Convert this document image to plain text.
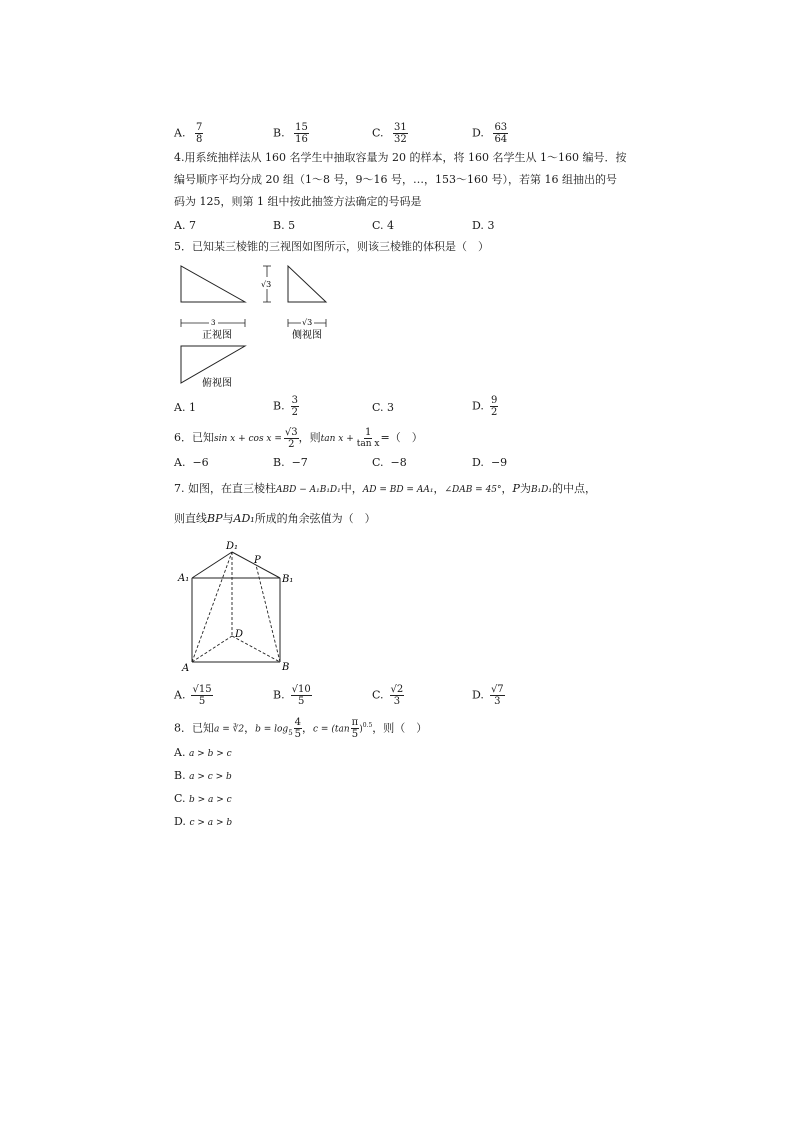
A. $\frac{7}{8}$	B. $\frac{15}{16}$	C. $\frac{31}{32}$	D. $\frac{63}{64}$
4.用系统抽样法从 160 名学生中抽取容量为 20 的样本，将 160 名学生从 1～160 编号．按
编号顺序平均分成 20 组（1～8 号，9～16 号，…，153～160 号），若第 16 组抽出的号
码为 125，则第 1 组中按此抽签方法确定的号码是
A. 7	B. 5	C. 4	D. 3
5．已知某三棱锥的三视图如图所示，则该三棱锥的体积是（　）
√3
3	√3
正视图	侧视图
俯视图
A. 1	B. $\frac{3}{2}$	C. 3	D. $\frac{9}{2}$
6．已知$\sin x + \cos x = \frac{√3}{2}$ ，则$\tan x + \frac{1}{\text{tan x}}$ =（　）
A. −6	B. −7	C. −8	D. −9
7. 如图，在直三棱柱ABD − A₁B₁D₁中，AD = BD = AA₁，∠DAB = 45°，P为B₁D₁的中点，
则直线BP与AD₁所成的角余弦值为（　）
D₁
P
A₁	B₁
D
A	B
A. $\frac{√15}{5}$	B. $\frac{√10}{5}$	C. $\frac{√2}{3}$	D. $\frac{√7}{3}$
8．已知a = ∛2，$b = \log_5 \frac{4}{5}$ ，$c = (\tan \frac{\pi}{5} )^{0.5}$，则（　）
A. a > b > c
B. a > c > b
C. b > a > c
D. c > a > b
